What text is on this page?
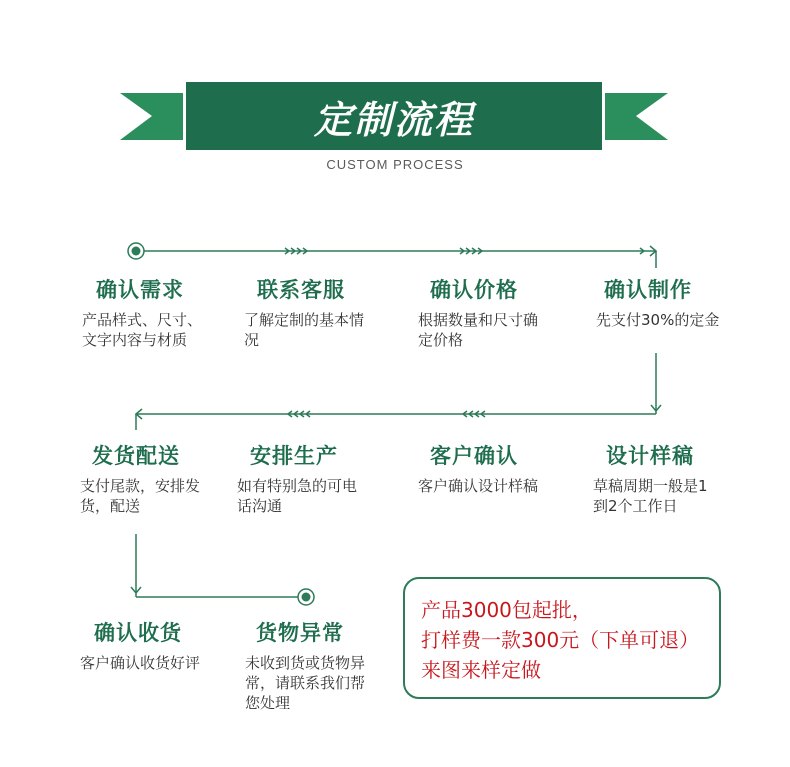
定制流程
CUSTOM PROCESS
确认需求
产品样式、尺寸、文字内容与材质
联系客服
了解定制的基本情况
确认价格
根据数量和尺寸确定价格
确认制作
先支付30%的定金
发货配送
支付尾款，安排发货，配送
安排生产
如有特别急的可电话沟通
客户确认
客户确认设计样稿
设计样稿
草稿周期一般是1到2个工作日
确认收货
客户确认收货好评
货物异常
未收到货或货物异常，请联系我们帮您处理
产品3000包起批，
打样费一款300元（下单可退）
来图来样定做
